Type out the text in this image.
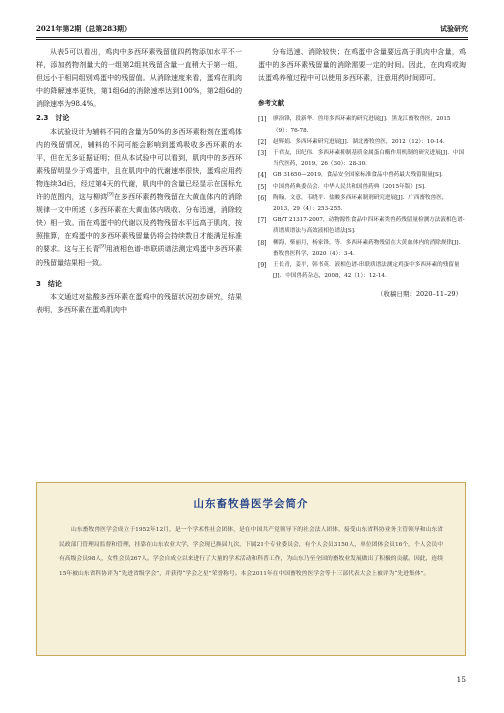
2021年第2期（总第283期）	试验研究

从表5可以看出，鸡肉中多西环素残留值四药物添加水平不一样，添加药物剂量大的一组第2组其残留含量一直稍大于第一组，但远小于相同组别鸡蛋中的残留值。从消除速度来看，蛋鸡在肌肉中的降解速率更快，第1组6d的消除速率达到100%，第2组6d的消除速率为98.4%。

2.3　讨论

本试验设计为辅料不同的含量为50%的多西环素粉剂在蛋鸡体内的残留情况，辅料的不同可能会影响到蛋鸡吸收多西环素的水平，但在无多证据证明；但从本试验中可以看到，肌肉中的多西环素残留明显少于鸡蛋中，且在肌肉中的代谢速率很快，蛋鸡应用药物连续3d后，经过第4天的代谢，肌肉中的含量已经显示在国标允许的范围内，这与柳鸿[9]在多西环素药物残留在大黄血体内的消除规律一文中所述（多西环素在大黄血体内吸收、分布迅速，消除较快）相一致。而在鸡蛋中的代谢以及药物残留水平远高于肌肉，按照推算，在鸡蛋中的多西环素残留量仍将会持续数日才能满足标准的要求。这与王长青[9]用液相色谱-串联质谱法测定鸡蛋中多西环素的残留量结果相一致。

3　结论

本文通过对盐酸多西环素在蛋鸡中的残留状况初步研究，结果表明，多西环素在蛋鸡肌肉中

分布迅速、消除较快；在鸡蛋中含量要远高于肌肉中含量，鸡蛋中的多西环素残留量的消除需要一定的时间。因此，在肉鸡或淘汰蛋鸡养殖过程中可以使用多西环素，注意用药时间即可。

参考文献
[1] 廖治锋，段新华．兽用多西环素的研究进展[J]．黑龙江畜牧兽医，2015（9）：76-78.
[2] 赵辉娟．多西环素研究进展[J]．湖北畜牧兽医，2012（12）：10-14.
[3] 于君友，田纪伟．多西环素抑制基质金属蛋白酶作用机制的研究进展[J]．中国当代医药，2019，26（30）：28-30.
[4] GB 31650—2019，食品安全国家标准食品中兽药最大残留限量[S].
[5] 中国兽药典委员会．中华人民共和国兽药典（2015年版）[S].
[6] 陶翰，文意，韦晓平．盐酸多西环素制剂研究进展[J]．广西畜牧兽医，2013，29（4）：253-255.
[7] GB/T 21317-2007，动物源性食品中四环素类兽药残留量检测方法液相色谱-质谱质谱法与高效液相色谱法[S].
[8] 柳海，柴丽月，杨家锋，等．多西环素药物残留在大黄血体内的消除规律[J]．畜牧兽医科学，2020（4）：3-4.
[9] 王长青，姜平，韩书英．液相色谱-串联质谱法测定鸡蛋中多西环素的残留量[J]．中国兽药杂志，2008，42（1）：12-14.
（收稿日期：2020–11–29）
山东畜牧兽医学会简介
山东畜牧兽医学会成立于1952年12月，是一个学术性社会团体，是在中国共产党领导下的社会法人团体，接受山东省科协业务主管领导和山东省民政部门管理局监督和管理，挂靠在山东农业大学，学会现已换届九次，下属21个专业委员会，有个人会员3150人，单位团体会员16个，个人会员中有高级会员98人，女性会员267人。学会自成立以来进行了大量的学术活动和科普工作，为山东乃至全国的畜牧业发展做出了积极的贡献。因此，连续15年被山东省科协评为“先进省级学会”，并获得“学会之星”荣誉称号。本会2011年在中国畜牧兽医学会等十三部代表大会上被评为“先进集体”。
15
